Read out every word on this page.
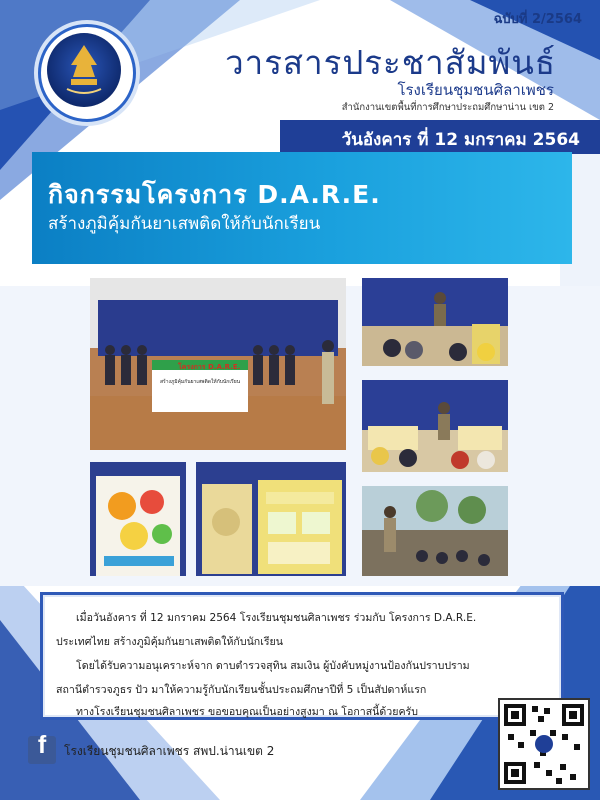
ฉบับที่ 2/2564
วารสารประชาสัมพันธ์
โรงเรียนชุมชนศิลาเพชร
สำนักงานเขตพื้นที่การศึกษาประถมศึกษาน่าน เขต 2
วันอังคาร ที่ 12 มกราคม 2564
กิจกรรมโครงการ D.A.R.E.
สร้างภูมิคุ้มกันยาเสพติดให้กับนักเรียน
โครงการ D.A.R.E.
สร้างภูมิคุ้มกันยาเสพติดให้กับนักเรียน
เมื่อวันอังคาร ที่ 12 มกราคม 2564 โรงเรียนชุมชนศิลาเพชร ร่วมกับ โครงการ D.A.R.E.
ประเทศไทย สร้างภูมิคุ้มกันยาเสพติดให้กับนักเรียน
โดยได้รับความอนุเคราะห์จาก ดาบตำรวจสุทิน สมเงิน ผู้บังคับหมู่งานป้องกันปราบปราม
สถานีตำรวจภูธร ปัว มาให้ความรู้กับนักเรียนชั้นประถมศึกษาปีที่ 5 เป็นสัปดาห์แรก
ทางโรงเรียนชุมชนศิลาเพชร ขอขอบคุณเป็นอย่างสูงมา ณ โอกาสนี้ด้วยครับ
f	โรงเรียนชุมชนศิลาเพชร สพป.น่านเขต 2
